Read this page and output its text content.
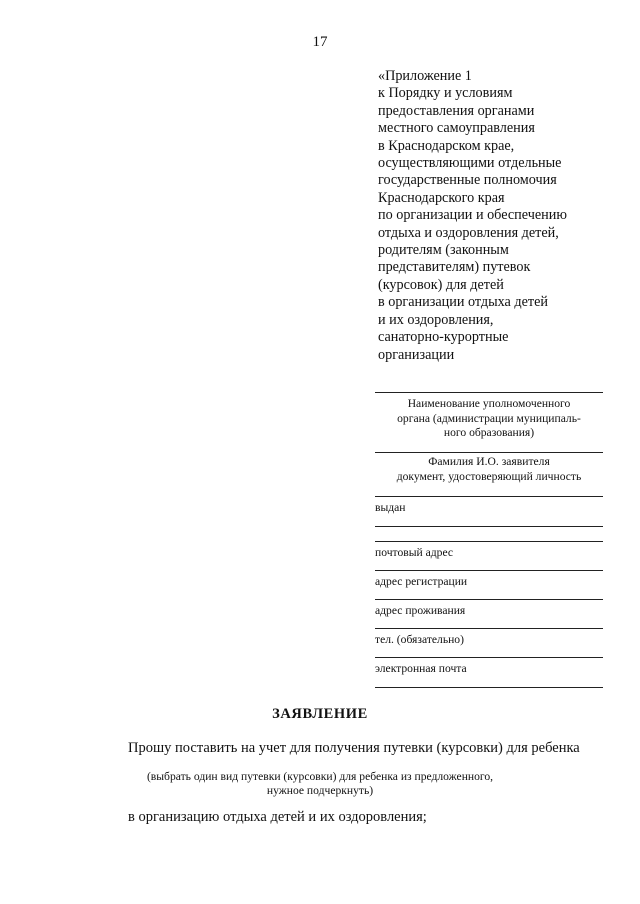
17
«Приложение 1
к Порядку и условиям
предоставления органами
местного самоуправления
в Краснодарском крае,
осуществляющими отдельные
государственные полномочия
Краснодарского края
по организации и обеспечению
отдыха и оздоровления детей,
родителям (законным
представителям) путевок
(курсовок) для детей
в организации отдыха детей
и их оздоровления,
санаторно-курортные
организации
Наименование уполномоченного
органа (администрации муниципаль-
ного образования)
Фамилия И.О. заявителя
документ, удостоверяющий личность
выдан
почтовый адрес
адрес регистрации
адрес проживания
тел. (обязательно)
электронная почта
ЗАЯВЛЕНИЕ
Прошу поставить на учет для получения путевки (курсовки) для ребенка
(выбрать один вид путевки (курсовки) для ребенка из предложенного,
нужное подчеркнуть)
в организацию отдыха детей и их оздоровления;
